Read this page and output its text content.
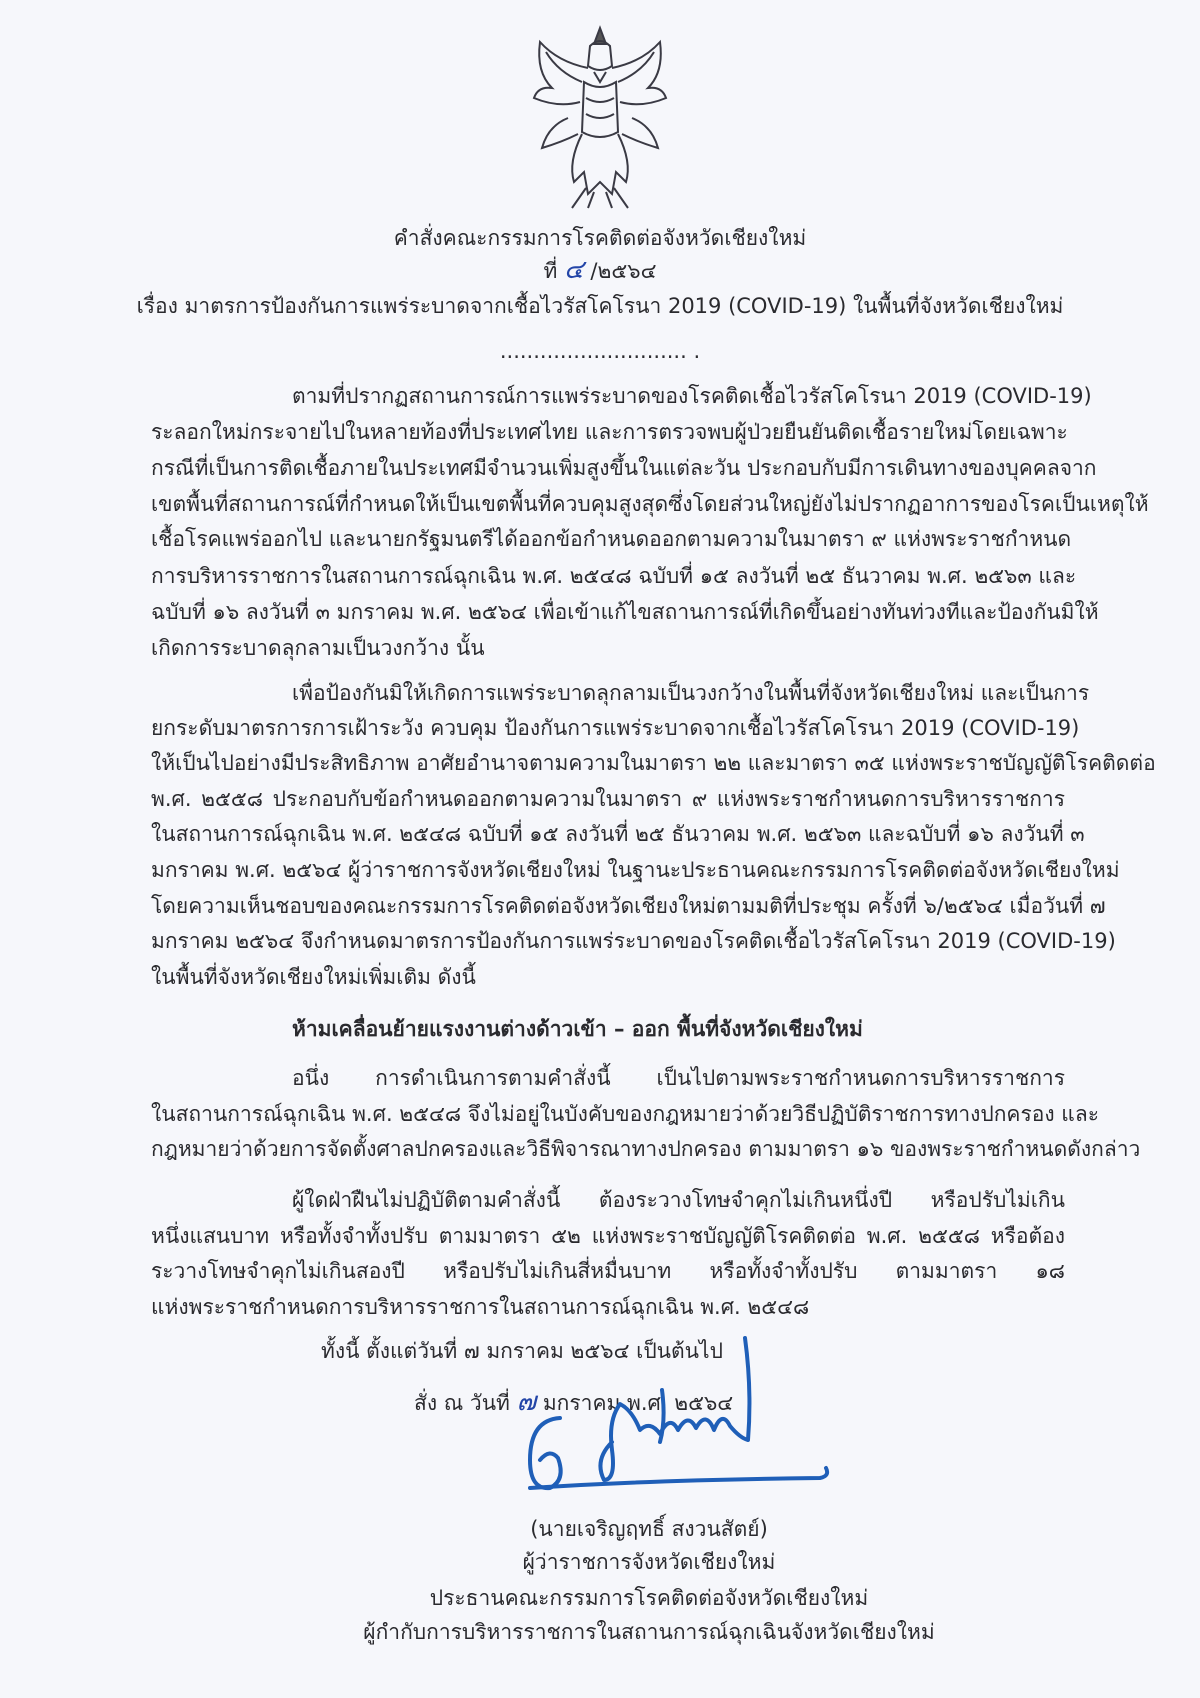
คำสั่งคณะกรรมการโรคติดต่อจังหวัดเชียงใหม่
ที่ ๔ /๒๕๖๔
เรื่อง มาตรการป้องกันการแพร่ระบาดจากเชื้อไวรัสโคโรนา 2019 (COVID-19) ในพื้นที่จังหวัดเชียงใหม่
............................ .
ตามที่ปรากฏสถานการณ์การแพร่ระบาดของโรคติดเชื้อไวรัสโคโรนา 2019 (COVID-19)
ระลอกใหม่กระจายไปในหลายท้องที่ประเทศไทย และการตรวจพบผู้ป่วยยืนยันติดเชื้อรายใหม่โดยเฉพาะ
กรณีที่เป็นการติดเชื้อภายในประเทศมีจำนวนเพิ่มสูงขึ้นในแต่ละวัน ประกอบกับมีการเดินทางของบุคคลจาก
เขตพื้นที่สถานการณ์ที่กำหนดให้เป็นเขตพื้นที่ควบคุมสูงสุดซึ่งโดยส่วนใหญ่ยังไม่ปรากฏอาการของโรคเป็นเหตุให้
เชื้อโรคแพร่ออกไป และนายกรัฐมนตรีได้ออกข้อกำหนดออกตามความในมาตรา ๙ แห่งพระราชกำหนด
การบริหารราชการในสถานการณ์ฉุกเฉิน พ.ศ. ๒๕๔๘ ฉบับที่ ๑๕ ลงวันที่ ๒๕ ธันวาคม พ.ศ. ๒๕๖๓ และ
ฉบับที่ ๑๖ ลงวันที่ ๓ มกราคม พ.ศ. ๒๕๖๔ เพื่อเข้าแก้ไขสถานการณ์ที่เกิดขึ้นอย่างทันท่วงทีและป้องกันมิให้
เกิดการระบาดลุกลามเป็นวงกว้าง นั้น
เพื่อป้องกันมิให้เกิดการแพร่ระบาดลุกลามเป็นวงกว้างในพื้นที่จังหวัดเชียงใหม่ และเป็นการ
ยกระดับมาตรการการเฝ้าระวัง ควบคุม ป้องกันการแพร่ระบาดจากเชื้อไวรัสโคโรนา 2019 (COVID-19)
ให้เป็นไปอย่างมีประสิทธิภาพ อาศัยอำนาจตามความในมาตรา ๒๒ และมาตรา ๓๕ แห่งพระราชบัญญัติโรคติดต่อ
พ.ศ. ๒๕๕๘ ประกอบกับข้อกำหนดออกตามความในมาตรา ๙ แห่งพระราชกำหนดการบริหารราชการ
ในสถานการณ์ฉุกเฉิน พ.ศ. ๒๕๔๘ ฉบับที่ ๑๕ ลงวันที่ ๒๕ ธันวาคม พ.ศ. ๒๕๖๓ และฉบับที่ ๑๖ ลงวันที่ ๓
มกราคม พ.ศ. ๒๕๖๔ ผู้ว่าราชการจังหวัดเชียงใหม่ ในฐานะประธานคณะกรรมการโรคติดต่อจังหวัดเชียงใหม่
โดยความเห็นชอบของคณะกรรมการโรคติดต่อจังหวัดเชียงใหม่ตามมติที่ประชุม ครั้งที่ ๖/๒๕๖๔ เมื่อวันที่ ๗
มกราคม ๒๕๖๔ จึงกำหนดมาตรการป้องกันการแพร่ระบาดของโรคติดเชื้อไวรัสโคโรนา 2019 (COVID-19)
ในพื้นที่จังหวัดเชียงใหม่เพิ่มเติม ดังนี้
ห้ามเคลื่อนย้ายแรงงานต่างด้าวเข้า – ออก พื้นที่จังหวัดเชียงใหม่
อนึ่ง การดำเนินการตามคำสั่งนี้ เป็นไปตามพระราชกำหนดการบริหารราชการ
ในสถานการณ์ฉุกเฉิน พ.ศ. ๒๕๔๘ จึงไม่อยู่ในบังคับของกฎหมายว่าด้วยวิธีปฏิบัติราชการทางปกครอง และ
กฎหมายว่าด้วยการจัดตั้งศาลปกครองและวิธีพิจารณาทางปกครอง ตามมาตรา ๑๖ ของพระราชกำหนดดังกล่าว
ผู้ใดฝ่าฝืนไม่ปฏิบัติตามคำสั่งนี้ ต้องระวางโทษจำคุกไม่เกินหนึ่งปี หรือปรับไม่เกิน
หนึ่งแสนบาท หรือทั้งจำทั้งปรับ ตามมาตรา ๕๒ แห่งพระราชบัญญัติโรคติดต่อ พ.ศ. ๒๕๕๘ หรือต้อง
ระวางโทษจำคุกไม่เกินสองปี หรือปรับไม่เกินสี่หมื่นบาท หรือทั้งจำทั้งปรับ ตามมาตรา ๑๘
แห่งพระราชกำหนดการบริหารราชการในสถานการณ์ฉุกเฉิน พ.ศ. ๒๕๔๘
ทั้งนี้ ตั้งแต่วันที่ ๗ มกราคม ๒๕๖๔ เป็นต้นไป
สั่ง ณ วันที่ ๗ มกราคม พ.ศ. ๒๕๖๔
(นายเจริญฤทธิ์ สงวนสัตย์)
ผู้ว่าราชการจังหวัดเชียงใหม่
ประธานคณะกรรมการโรคติดต่อจังหวัดเชียงใหม่
ผู้กำกับการบริหารราชการในสถานการณ์ฉุกเฉินจังหวัดเชียงใหม่
